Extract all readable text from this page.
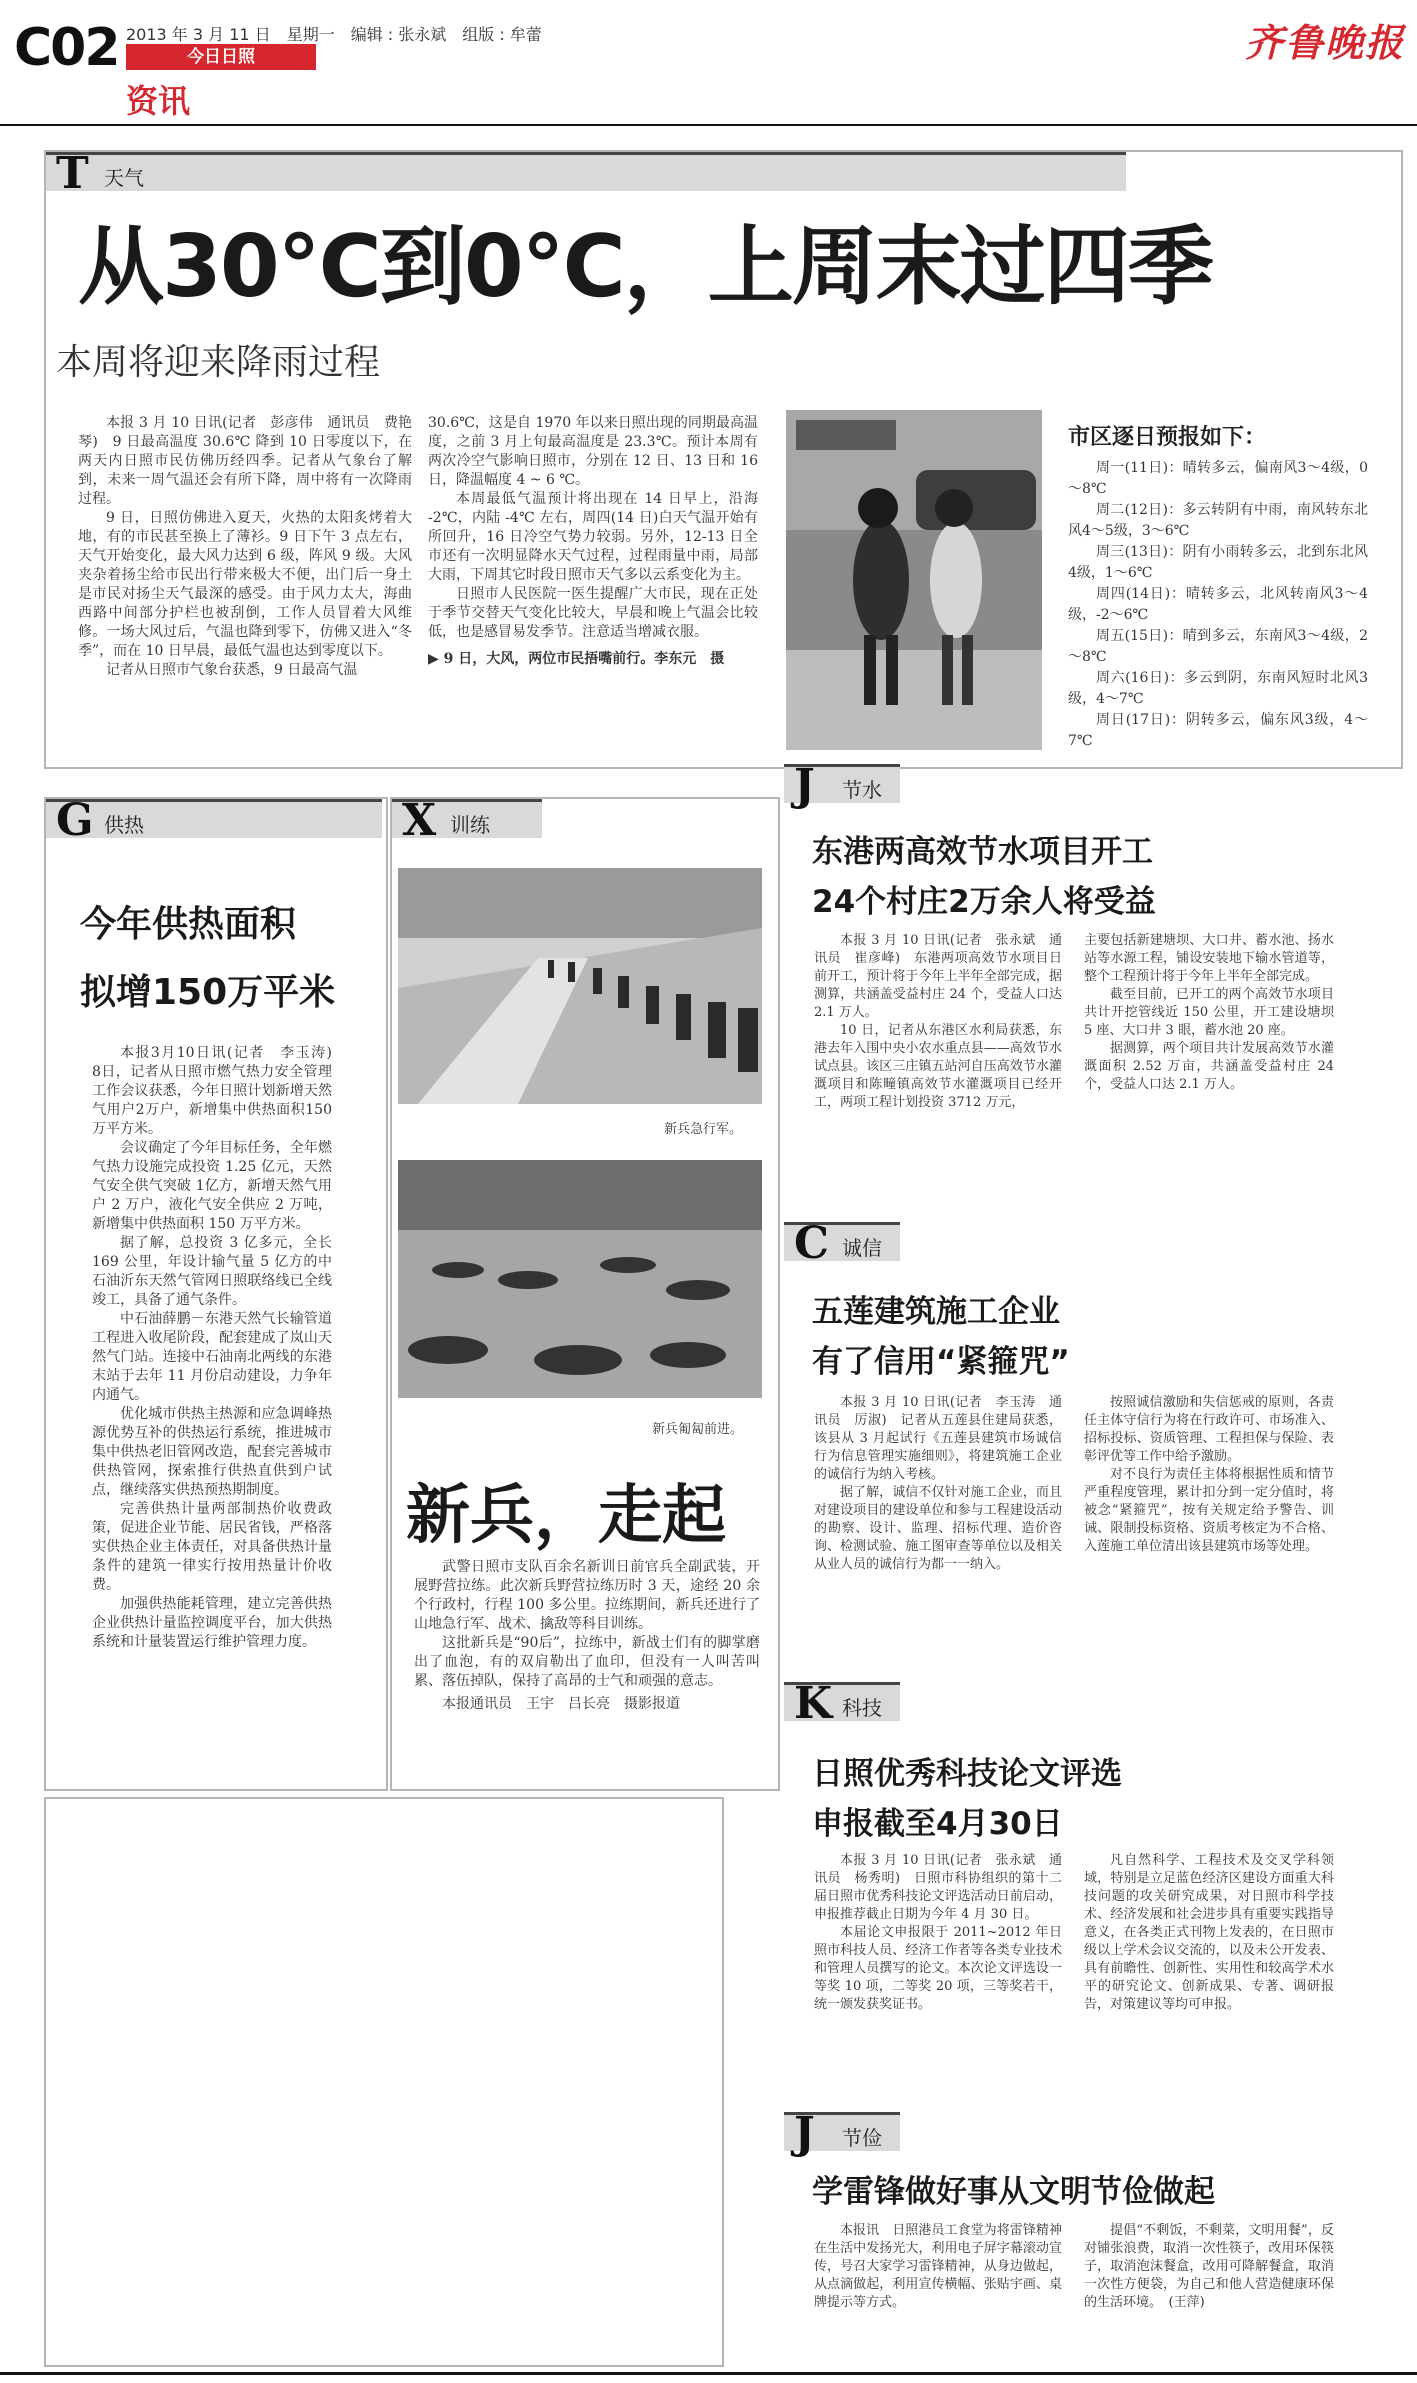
C02 2013 年 3 月 11 日　星期一　编辑 : 张永斌　组版 : 牟蕾
今日日照
资讯
齐鲁晚报
T 天气
从30℃到0℃，上周末过四季
本周将迎来降雨过程

本报 3 月 10 日讯(记者　彭彦伟　通讯员　费艳琴)　9 日最高温度 30.6℃ 降到 10 日零度以下，在两天内日照市民仿佛历经四季。记者从气象台了解到，未来一周气温还会有所下降，周中将有一次降雨过程。

9 日，日照仿佛进入夏天，火热的太阳炙烤着大地，有的市民甚至换上了薄衫。9 日下午 3 点左右，天气开始变化，最大风力达到 6 级，阵风 9 级。大风夹杂着扬尘给市民出行带来极大不便，出门后一身土是市民对扬尘天气最深的感受。由于风力太大，海曲西路中间部分护栏也被刮倒，工作人员冒着大风维修。一场大风过后，气温也降到零下，仿佛又进入“冬季”，而在 10 日早晨，最低气温也达到零度以下。

记者从日照市气象台获悉，9 日最高气温

30.6℃，这是自 1970 年以来日照出现的同期最高温度，之前 3 月上旬最高温度是 23.3℃。预计本周有两次冷空气影响日照市，分别在 12 日、13 日和 16 日，降温幅度 4 ~ 6 ℃。

本周最低气温预计将出现在 14 日早上，沿海 -2℃，内陆 -4℃ 左右，周四(14 日)白天气温开始有所回升，16 日冷空气势力较弱。另外，12-13 日全市还有一次明显降水天气过程，过程雨量中雨，局部大雨，下周其它时段日照市天气多以云系变化为主。

日照市人民医院一医生提醒广大市民，现在正处于季节交替天气变化比较大，早晨和晚上气温会比较低，也是感冒易发季节。注意适当增减衣服。

▶ 9 日，大风，两位市民捂嘴前行。李东元　摄

市区逐日预报如下：

周一(11日)：晴转多云，偏南风3～4级，0～8℃

周二(12日)：多云转阴有中雨，南风转东北风4～5级，3～6℃

周三(13日)：阴有小雨转多云，北到东北风4级，1～6℃

周四(14日)：晴转多云，北风转南风3～4级，-2～6℃

周五(15日)：晴到多云，东南风3～4级，2～8℃

周六(16日)：多云到阴，东南风短时北风3级，4～7℃

周日(17日)：阴转多云，偏东风3级，4～7℃

G 供热
今年供热面积
拟增150万平米

本报3月10日讯(记者　李玉涛)　8日，记者从日照市燃气热力安全管理工作会议获悉，今年日照计划新增天然气用户2万户，新增集中供热面积150万平方米。

会议确定了今年目标任务，全年燃气热力设施完成投资 1.25 亿元，天然气安全供气突破 1亿方，新增天然气用户 2 万户，液化气安全供应 2 万吨，新增集中供热面积 150 万平方米。

据了解，总投资 3 亿多元，全长 169 公里，年设计输气量 5 亿方的中石油沂东天然气管网日照联络线已全线竣工，具备了通气条件。

中石油薛鹏－东港天然气长输管道工程进入收尾阶段，配套建成了岚山天然气门站。连接中石油南北两线的东港末站于去年 11 月份启动建设，力争年内通气。

优化城市供热主热源和应急调峰热源优势互补的供热运行系统，推进城市集中供热老旧管网改造，配套完善城市供热管网，探索推行供热直供到户试点，继续落实供热预热期制度。

完善供热计量两部制热价收费政策，促进企业节能、居民省钱，严格落实供热企业主体责任，对具备供热计量条件的建筑一律实行按用热量计价收费。

加强供热能耗管理，建立完善供热企业供热计量监控调度平台，加大供热系统和计量装置运行维护管理力度。

X 训练
新兵急行军。
新兵匍匐前进。
新兵，走起

武警日照市支队百余名新训日前官兵全副武装，开展野营拉练。此次新兵野营拉练历时 3 天，途经 20 余个行政村，行程 100 多公里。拉练期间，新兵还进行了山地急行军、战术、擒敌等科目训练。

这批新兵是“90后”，拉练中，新战士们有的脚掌磨出了血泡，有的双肩勒出了血印，但没有一人叫苦叫累、落伍掉队，保持了高昂的士气和顽强的意志。

本报通讯员　王宇　吕长亮　摄影报道

J 节水
东港两高效节水项目开工
24个村庄2万余人将受益

本报 3 月 10 日讯(记者　张永斌　通讯员　崔彦峰)　东港两项高效节水项目日前开工，预计将于今年上半年全部完成，据测算，共涵盖受益村庄 24 个，受益人口达 2.1 万人。

10 日，记者从东港区水利局获悉，东港去年入围中央小农水重点县——高效节水试点县。该区三庄镇五站河自压高效节水灌溉项目和陈疃镇高效节水灌溉项目已经开工，两项工程计划投资 3712 万元，

主要包括新建塘坝、大口井、蓄水池、扬水站等水源工程，铺设安装地下输水管道等，整个工程预计将于今年上半年全部完成。

截至目前，已开工的两个高效节水项目共计开挖管线近 150 公里，开工建设塘坝 5 座、大口井 3 眼，蓄水池 20 座。

据测算，两个项目共计发展高效节水灌溉面积 2.52 万亩，共涵盖受益村庄 24 个，受益人口达 2.1 万人。

C 诚信
五莲建筑施工企业
有了信用“紧箍咒”

本报 3 月 10 日讯(记者　李玉涛　通讯员　厉淑)　记者从五莲县住建局获悉，该县从 3 月起试行《五莲县建筑市场诚信行为信息管理实施细则》，将建筑施工企业的诚信行为纳入考核。

据了解，诚信不仅针对施工企业，而且对建设项目的建设单位和参与工程建设活动的勘察、设计、监理、招标代理、造价咨询、检测试验、施工图审查等单位以及相关从业人员的诚信行为都一一纳入。

按照诚信激励和失信惩戒的原则，各责任主体守信行为将在行政许可、市场准入、招标投标、资质管理、工程担保与保险、表彰评优等工作中给予激励。

对不良行为责任主体将根据性质和情节严重程度管理，累计扣分到一定分值时，将被念“紧箍咒”，按有关规定给予警告、训诫、限制投标资格、资质考核定为不合格、入莲施工单位清出该县建筑市场等处理。

K 科技
日照优秀科技论文评选
申报截至4月30日

本报 3 月 10 日讯(记者　张永斌　通讯员　杨秀明)　日照市科协组织的第十二届日照市优秀科技论文评选活动日前启动，申报推荐截止日期为今年 4 月 30 日。

本届论文申报限于 2011~2012 年日照市科技人员、经济工作者等各类专业技术和管理人员撰写的论文。本次论文评选设一等奖 10 项，二等奖 20 项，三等奖若干，统一颁发获奖证书。

凡自然科学、工程技术及交叉学科领域，特别是立足蓝色经济区建设方面重大科技问题的攻关研究成果，对日照市科学技术、经济发展和社会进步具有重要实践指导意义，在各类正式刊物上发表的，在日照市级以上学术会议交流的，以及未公开发表、具有前瞻性、创新性、实用性和较高学术水平的研究论文、创新成果、专著、调研报告，对策建议等均可申报。

J 节俭
学雷锋做好事从文明节俭做起

本报讯　日照港员工食堂为将雷锋精神在生活中发扬光大，利用电子屏字幕滚动宣传，号召大家学习雷锋精神，从身边做起，从点滴做起，利用宣传横幅、张贴宇画、桌牌提示等方式。

提倡“不剩饭，不剩菜，文明用餐”，反对铺张浪费，取消一次性筷子，改用环保筷子，取消泡沫餐盒，改用可降解餐盒，取消一次性方便袋，为自己和他人营造健康环保的生活环境。　(王萍)
